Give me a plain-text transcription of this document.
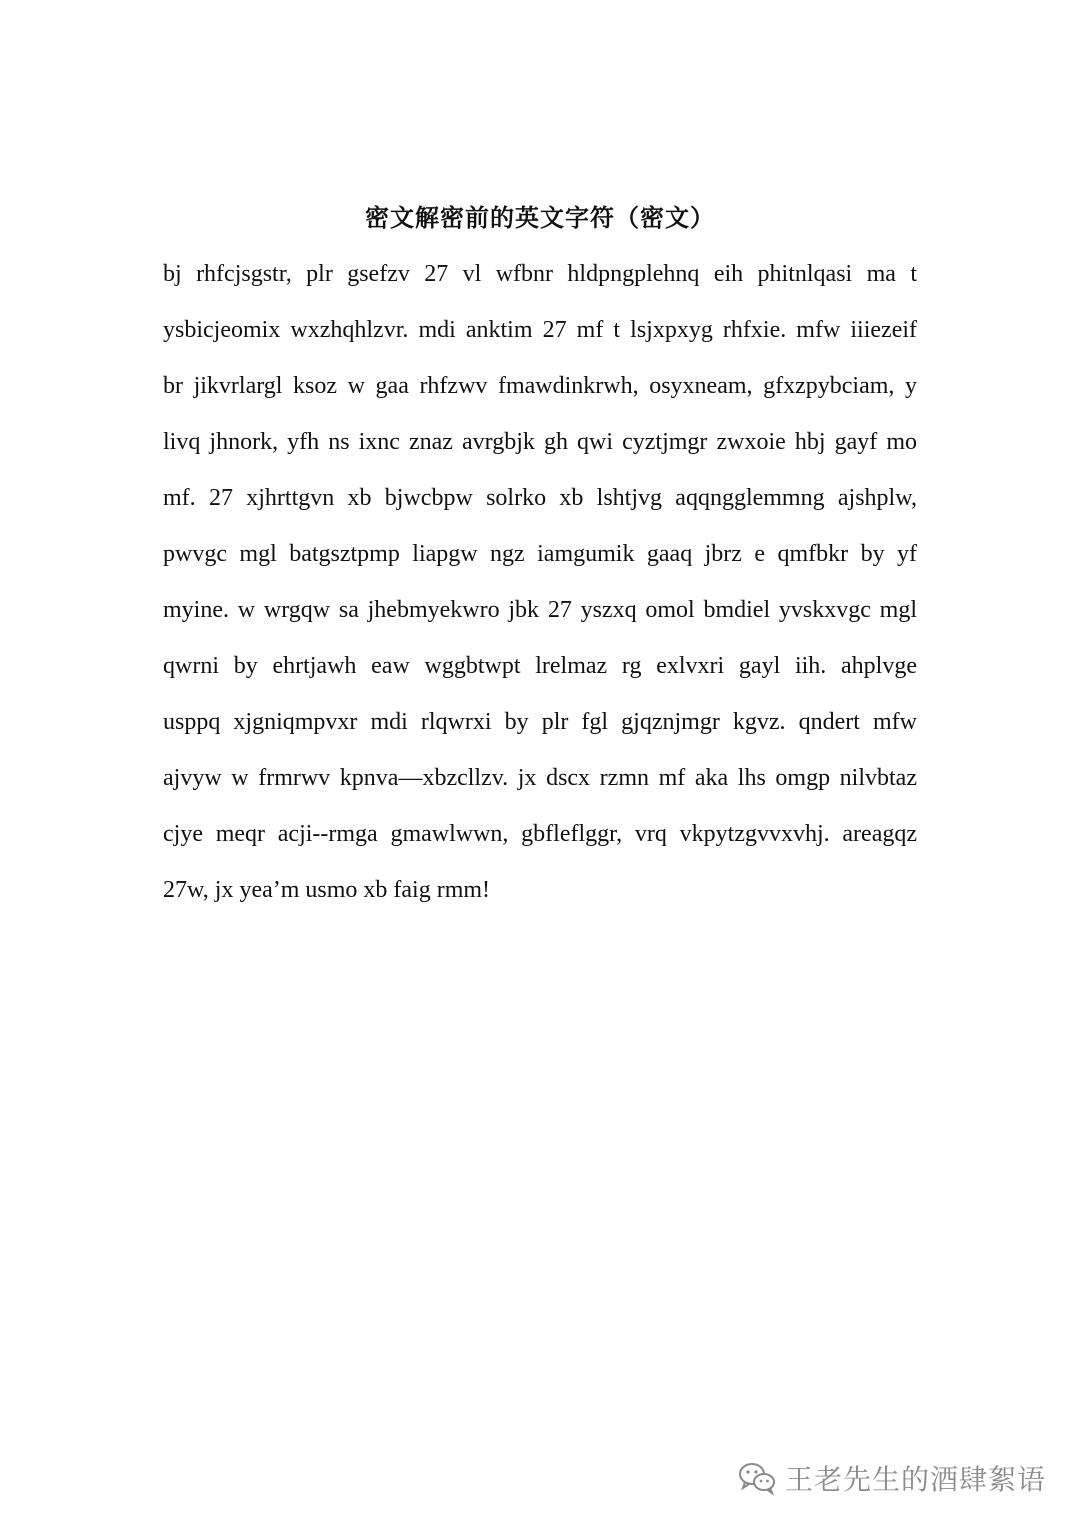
密文解密前的英文字符（密文）
bj rhfcjsgstr, plr gsefzv 27 vl wfbnr hldpngplehnq eih phitnlqasi ma t
ysbicjeomix wxzhqhlzvr. mdi anktim 27 mf t lsjxpxyg rhfxie. mfw iiiezeif
br jikvrlargl ksoz w gaa rhfzwv fmawdinkrwh, osyxneam, gfxzpybciam, y
livq jhnork, yfh ns ixnc znaz avrgbjk gh qwi cyztjmgr zwxoie hbj gayf mo
mf. 27 xjhrttgvn xb bjwcbpw solrko xb lshtjvg aqqngglemmng ajshplw,
pwvgc mgl batgsztpmp liapgw ngz iamgumik gaaq jbrz e qmfbkr by yf
myine. w wrgqw sa jhebmyekwro jbk 27 yszxq omol bmdiel yvskxvgc mgl
qwrni by ehrtjawh eaw wggbtwpt lrelmaz rg exlvxri gayl iih. ahplvge
usppq xjgniqmpvxr mdi rlqwrxi by plr fgl gjqznjmgr kgvz. qndert mfw
ajvyw w frmrwv kpnva—xbzcllzv. jx dscx rzmn mf aka lhs omgp nilvbtaz
cjye meqr acji--rmga gmawlwwn, gbfleflggr, vrq vkpytzgvvxvhj. areagqz
27w, jx yea’m usmo xb faig rmm!
王老先生的酒肆絮语
